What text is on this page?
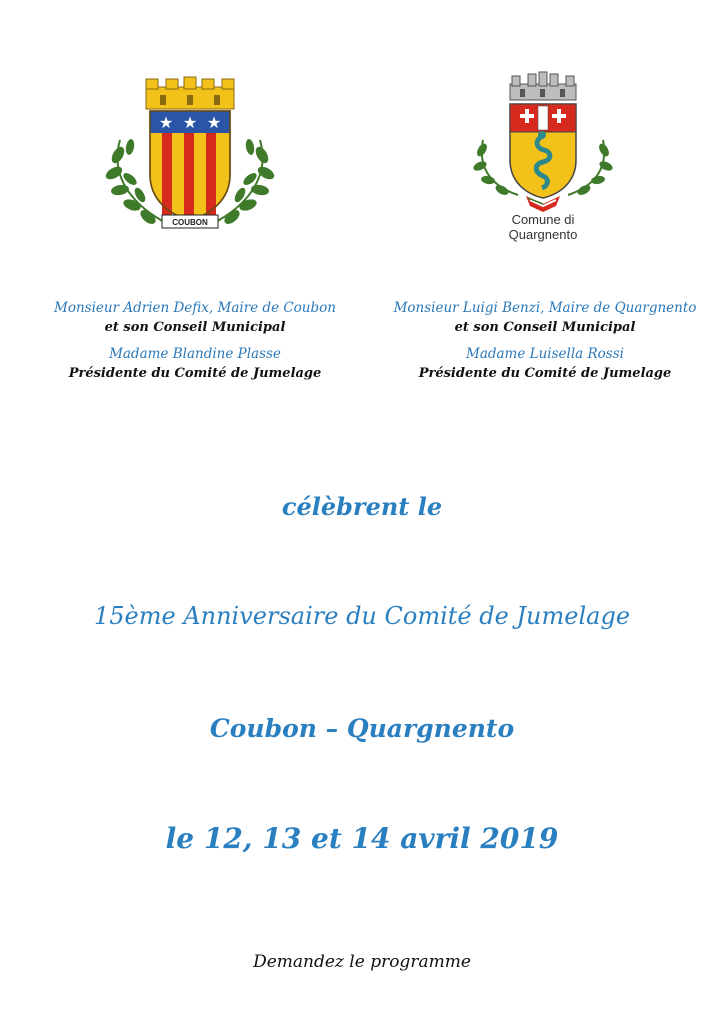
★ ★ ★
COUBON	Comune di
Quargnento
Monsieur Adrien Defix, Maire de Coubon
et son Conseil Municipal
Madame Blandine Plasse
Présidente du Comité de Jumelage
Monsieur Luigi Benzi, Maire de Quargnento
et son Conseil Municipal
Madame Luisella Rossi
Présidente du Comité de Jumelage
célèbrent le
15ème Anniversaire du Comité de Jumelage
Coubon – Quargnento
le 12, 13 et 14 avril 2019
Demandez le programme
